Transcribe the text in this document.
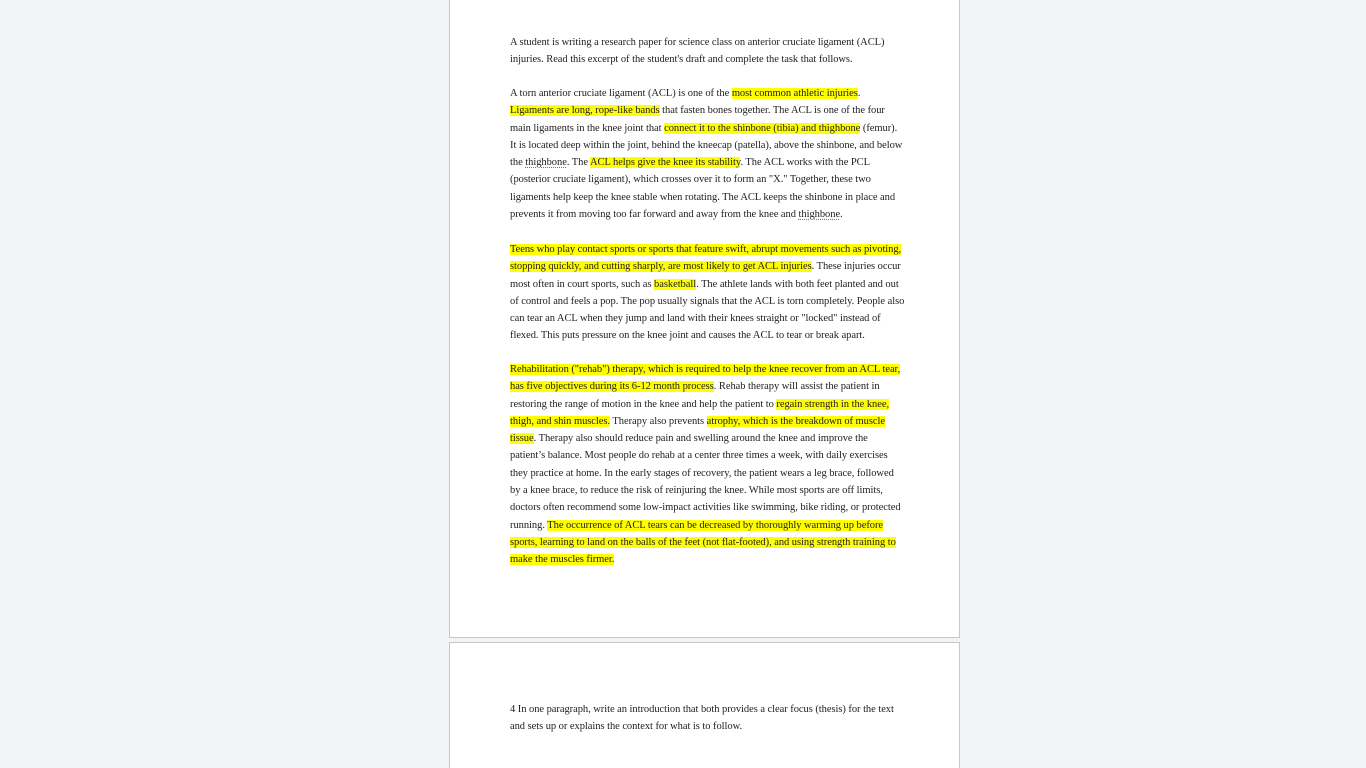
A student is writing a research paper for science class on anterior cruciate ligament (ACL) injuries. Read this excerpt of the student's draft and complete the task that follows.

A torn anterior cruciate ligament (ACL) is one of the most common athletic injuries. Ligaments are long, rope-like bands that fasten bones together. The ACL is one of the four main ligaments in the knee joint that connect it to the shinbone (tibia) and thighbone (femur). It is located deep within the joint, behind the kneecap (patella), above the shinbone, and below the thighbone. The ACL helps give the knee its stability. The ACL works with the PCL (posterior cruciate ligament), which crosses over it to form an "X." Together, these two ligaments help keep the knee stable when rotating. The ACL keeps the shinbone in place and prevents it from moving too far forward and away from the knee and thighbone.

Teens who play contact sports or sports that feature swift, abrupt movements such as pivoting, stopping quickly, and cutting sharply, are most likely to get ACL injuries. These injuries occur most often in court sports, such as basketball. The athlete lands with both feet planted and out of control and feels a pop. The pop usually signals that the ACL is torn completely. People also can tear an ACL when they jump and land with their knees straight or "locked" instead of flexed. This puts pressure on the knee joint and causes the ACL to tear or break apart.

Rehabilitation ("rehab") therapy, which is required to help the knee recover from an ACL tear, has five objectives during its 6-12 month process. Rehab therapy will assist the patient in restoring the range of motion in the knee and help the patient to regain strength in the knee, thigh, and shin muscles. Therapy also prevents atrophy, which is the breakdown of muscle tissue. Therapy also should reduce pain and swelling around the knee and improve the patient’s balance. Most people do rehab at a center three times a week, with daily exercises they practice at home. In the early stages of recovery, the patient wears a leg brace, followed by a knee brace, to reduce the risk of reinjuring the knee. While most sports are off limits, doctors often recommend some low-impact activities like swimming, bike riding, or protected running. The occurrence of ACL tears can be decreased by thoroughly warming up before sports, learning to land on the balls of the feet (not flat-footed), and using strength training to make the muscles firmer.

4 In one paragraph, write an introduction that both provides a clear focus (thesis) for the text and sets up or explains the context for what is to follow.
